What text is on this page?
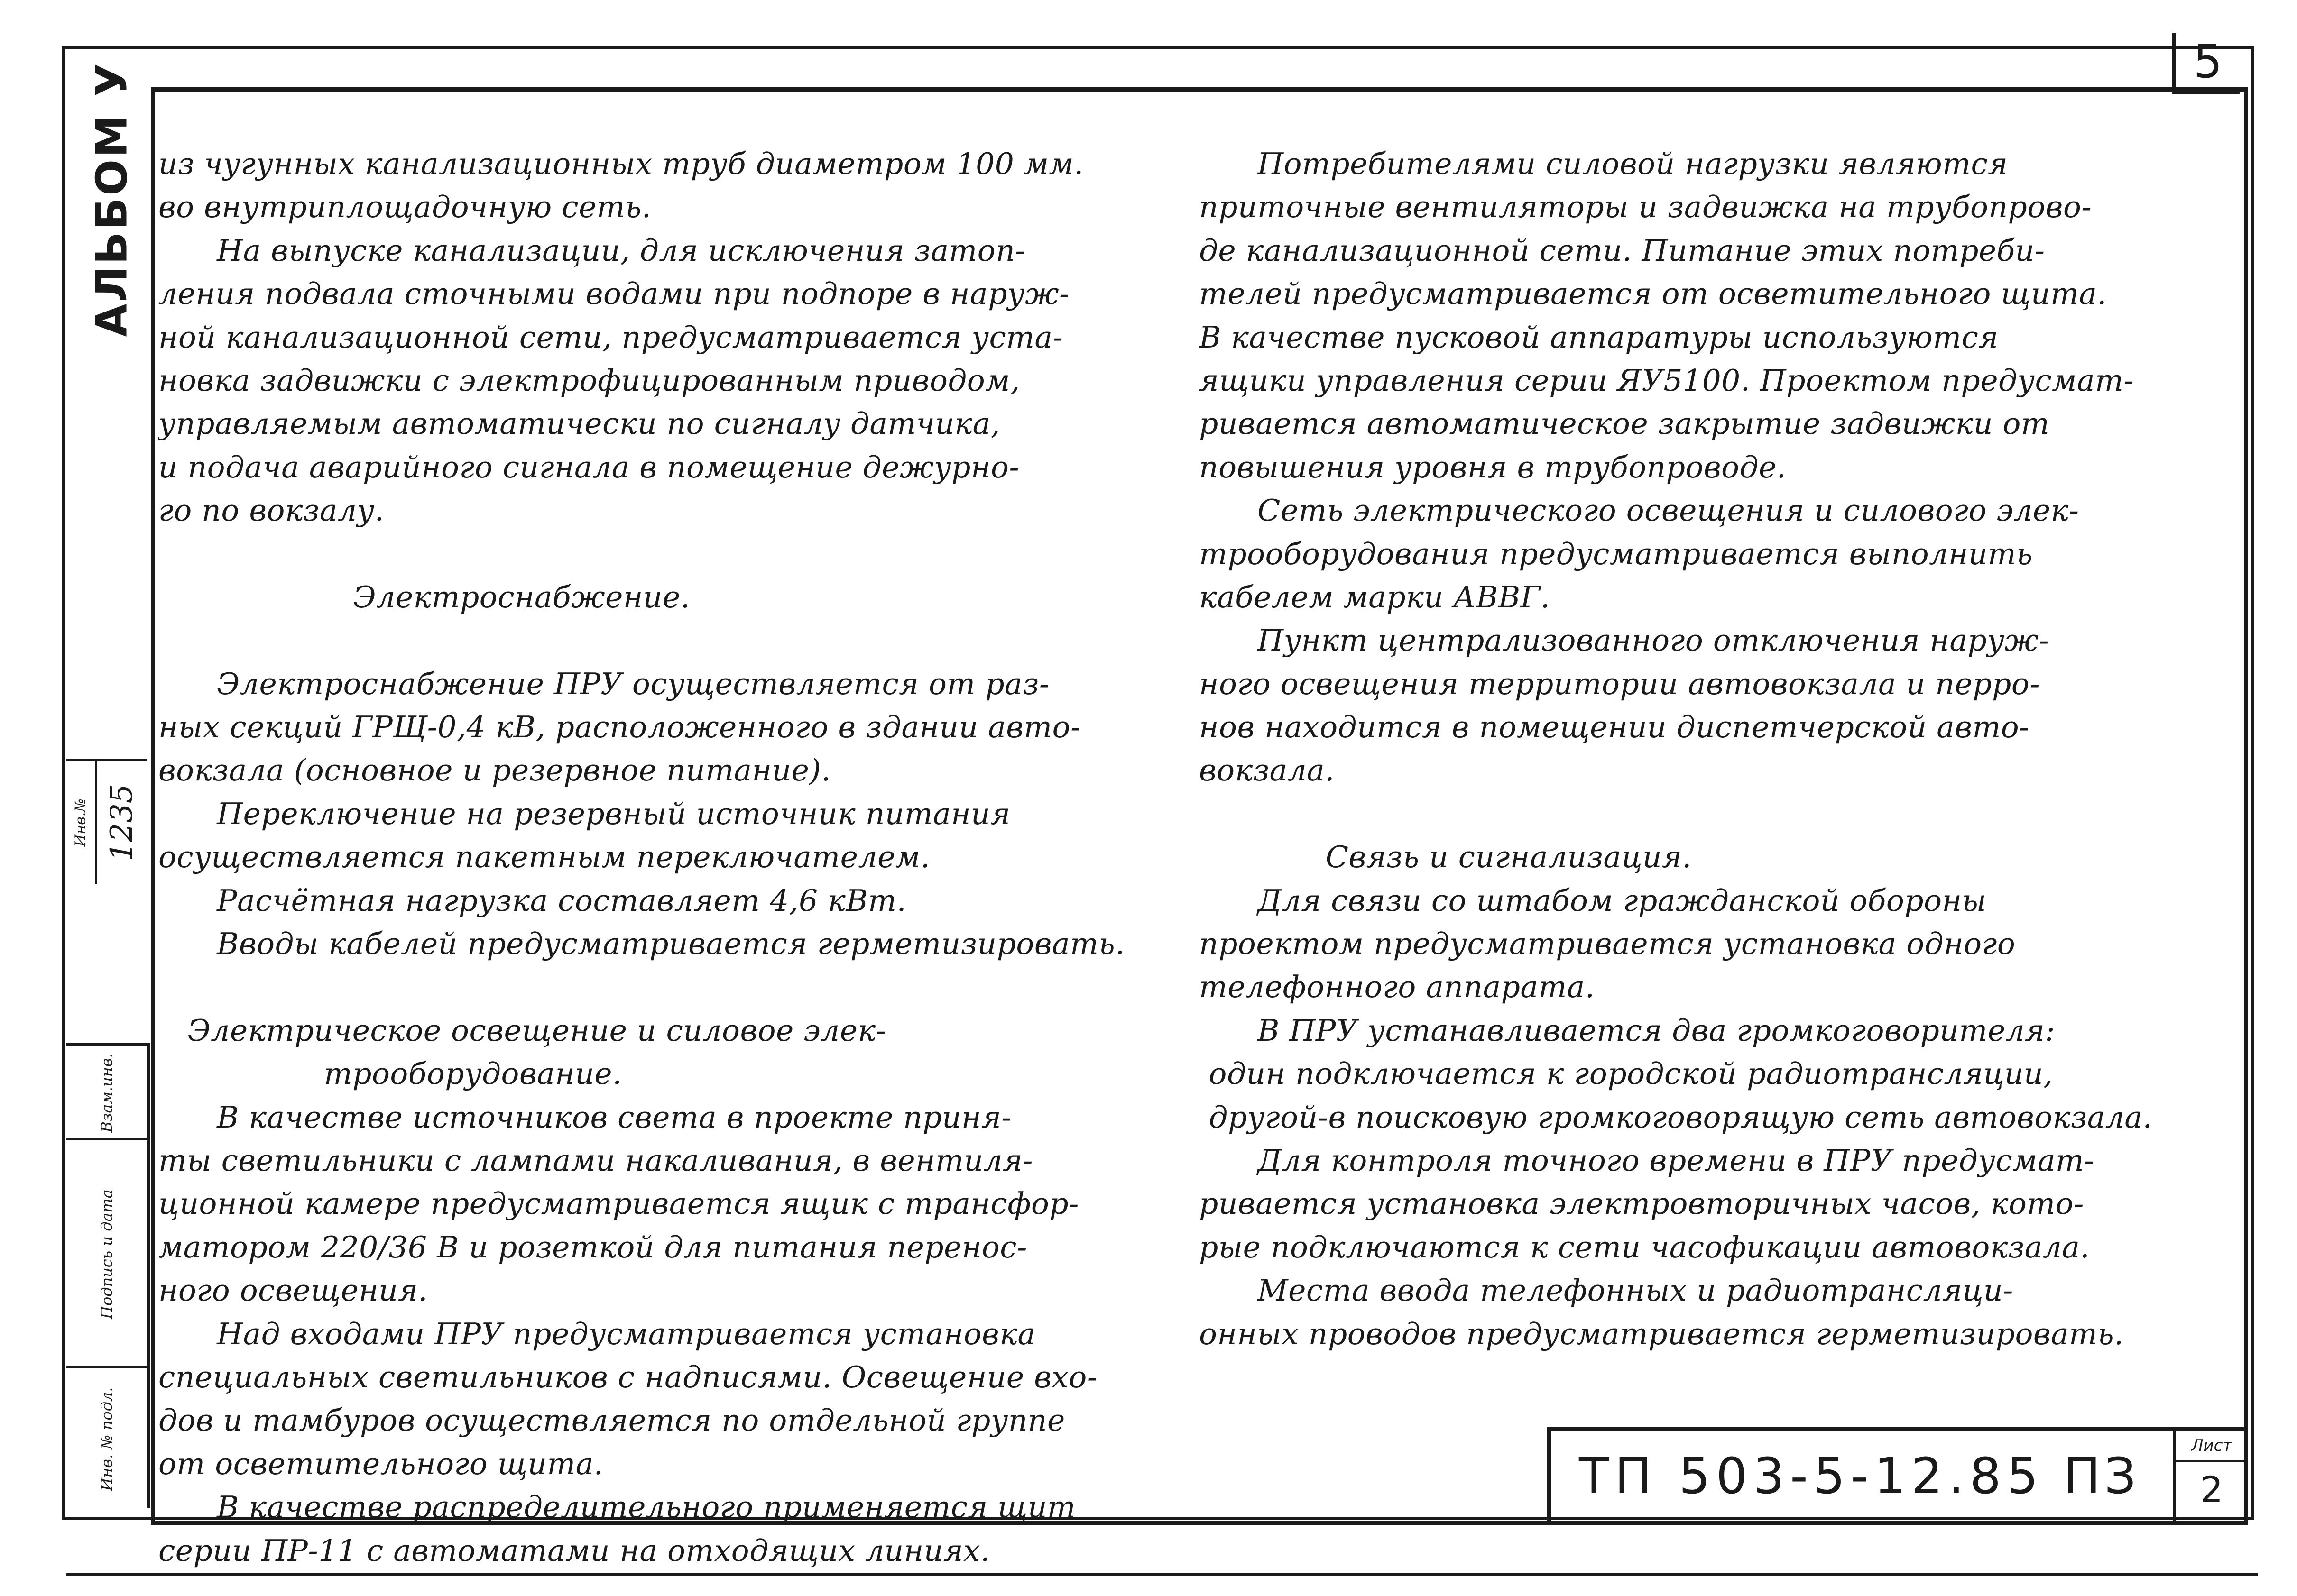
АЛЬБОМ У	5
Инв.№ 1235
Взам.инв.
Подпись и дата
Инв. № подл.
из чугунных канализационных труб диаметром 100 мм.
во внутриплощадочную сеть.
На выпуске канализации, для исключения затоп-
ления подвала сточными водами при подпоре в наруж-
ной канализационной сети, предусматривается уста-
новка задвижки с электрофицированным приводом,
управляемым автоматически по сигналу датчика,
и подача аварийного сигнала в помещение дежурно-
го по вокзалу.
Электроснабжение.
Электроснабжение ПРУ осуществляется от раз-
ных секций ГРЩ-0,4 кВ, расположенного в здании авто-
вокзала (основное и резервное питание).
Переключение на резервный источник питания
осуществляется пакетным переключателем.
Расчётная нагрузка составляет 4,6 кВт.
Вводы кабелей предусматривается герметизировать.
Электрическое освещение и силовое элек-
трооборудование.
В качестве источников света в проекте приня-
ты светильники с лампами накаливания, в вентиля-
ционной камере предусматривается ящик с трансфор-
матором 220/36 В и розеткой для питания перенос-
ного освещения.
Над входами ПРУ предусматривается установка
специальных светильников с надписями. Освещение вхо-
дов и тамбуров осуществляется по отдельной группе
от осветительного щита.
В качестве распределительного применяется щит
серии ПР-11 с автоматами на отходящих линиях.
Потребителями силовой нагрузки являются
приточные вентиляторы и задвижка на трубопрово-
де канализационной сети. Питание этих потреби-
телей предусматривается от осветительного щита.
В качестве пусковой аппаратуры используются
ящики управления серии ЯУ5100. Проектом предусмат-
ривается автоматическое закрытие задвижки от
повышения уровня в трубопроводе.
Сеть электрического освещения и силового элек-
трооборудования предусматривается выполнить
кабелем марки АВВГ.
Пункт централизованного отключения наруж-
ного освещения территории автовокзала и перро-
нов находится в помещении диспетчерской авто-
вокзала.
Связь и сигнализация.
Для связи со штабом гражданской обороны
проектом предусматривается установка одного
телефонного аппарата.
В ПРУ устанавливается два громкоговорителя:
один подключается к городской радиотрансляции,
другой-в поисковую громкоговорящую сеть автовокзала.
Для контроля точного времени в ПРУ предусмат-
ривается установка электровторичных часов, кото-
рые подключаются к сети часофикации автовокзала.
Места ввода телефонных и радиотрансляци-
онных проводов предусматривается герметизировать.
ТП 503-5-12.85 ПЗ
Лист
2
